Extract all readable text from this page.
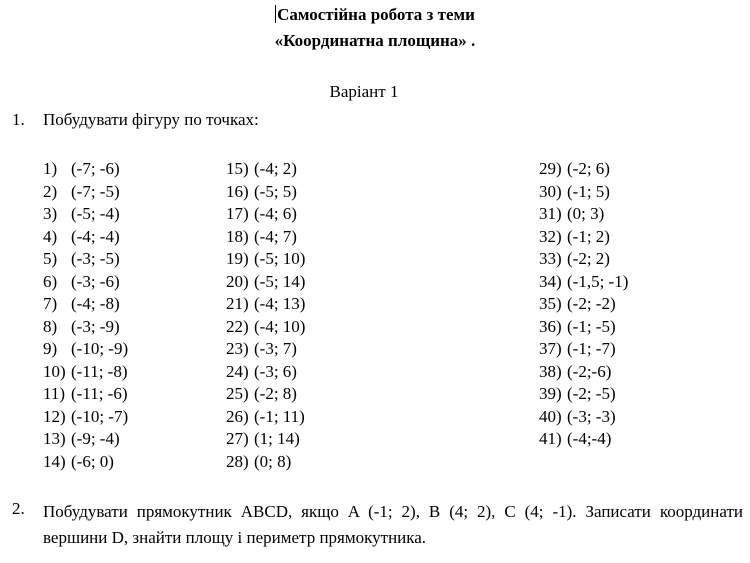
Самостійна робота з теми
«Координатна площина» .
Варіант 1
1. Побудувати фігуру по точках:
1) (-7; -6)
2) (-7; -5)
3) (-5; -4)
4) (-4; -4)
5) (-3; -5)
6) (-3; -6)
7) (-4; -8)
8) (-3; -9)
9) (-10; -9)
10) (-11; -8)
11) (-11; -6)
12) (-10; -7)
13) (-9; -4)
14) (-6; 0)
15) (-4; 2)
16) (-5; 5)
17) (-4; 6)
18) (-4; 7)
19) (-5; 10)
20) (-5; 14)
21) (-4; 13)
22) (-4; 10)
23) (-3; 7)
24) (-3; 6)
25) (-2; 8)
26) (-1; 11)
27) (1; 14)
28) (0; 8)
29) (-2; 6)
30) (-1; 5)
31) (0; 3)
32) (-1; 2)
33) (-2; 2)
34) (-1,5; -1)
35) (-2; -2)
36) (-1; -5)
37) (-1; -7)
38) (-2;-6)
39) (-2; -5)
40) (-3; -3)
41) (-4;-4)
2. Побудувати прямокутник ABCD, якщо A (-1; 2), B (4; 2), C (4; -1). Записати координати вершини D, знайти площу і периметр прямокутника.
